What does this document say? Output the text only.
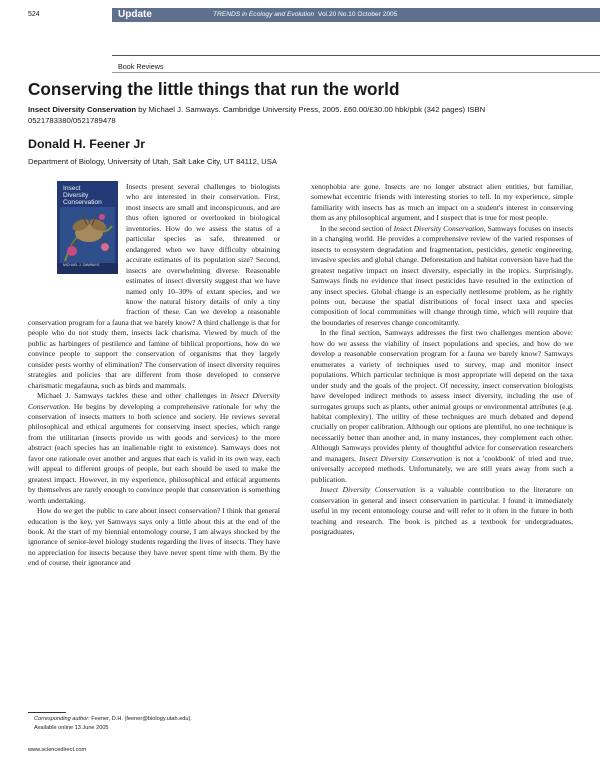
524	Update	TRENDS in Ecology and Evolution Vol.20 No.10 October 2005
Book Reviews
Conserving the little things that run the world
Insect Diversity Conservation by Michael J. Samways. Cambridge University Press, 2005. £60.00/£30.00 hbk/pbk (342 pages) ISBN 0521783380/0521789478
Donald H. Feener Jr
Department of Biology, University of Utah, Salt Lake City, UT 84112, USA
Insect
Diversity
Conservation
MICHAEL J. SAMWAYS

Insects present several challenges to biologists who are interested in their conservation. First, most insects are small and inconspicuous, and are thus often ignored or overlooked in biological inventories. How do we assess the status of a particular species as safe, threatened or endangered when we have difficulty obtaining accurate estimates of its population size? Second, insects are overwhelming diverse. Reasonable estimates of insect diversity suggest that we have named only 10–30% of extant species, and we know the natural history details of only a tiny fraction of these. Can we develop a reasonable conservation program for a fauna that we barely know? A third challenge is that for people who do not study them, insects lack charisma. Viewed by much of the public as harbingers of pestilence and famine of biblical proportions, how do we convince people to support the conservation of organisms that they largely consider pests worthy of elimination? The conservation of insect diversity requires strategies and policies that are different from those developed to conserve charismatic megafauna, such as birds and mammals.

Michael J. Samways tackles these and other challenges in Insect Diversity Conservation. He begins by developing a comprehensive rationale for why the conservation of insects matters to both science and society. He reviews several philosophical and ethical arguments for conserving insect species, which range from the utilitarian (insects provide us with goods and services) to the more abstract (each species has an inalienable right to existence). Samways does not favor one rationale over another and argues that each is valid in its own way, each will appeal to different groups of people, but each should be used to make the greatest impact. However, in my experience, philosophical and ethical arguments by themselves are rarely enough to convince people that conservation is something worth undertaking.

How do we get the public to care about insect conservation? I think that general education is the key, yet Samways says only a little about this at the end of the book. At the start of my biennial entomology course, I am always shocked by the ignorance of senior-level biology students regarding the lives of insects. They have no appreciation for insects because they have never spent time with them. By the end of course, their ignorance and

xenophobia are gone. Insects are no longer abstract alien entities, but familiar, somewhat eccentric friends with interesting stories to tell. In my experience, simple familiarity with insects has as much an impact on a student's interest in conserving them as any philosophical argument, and I suspect that is true for most people.

In the second section of Insect Diversity Conservation, Samways focuses on insects in a changing world. He provides a comprehensive review of the varied responses of insects to ecosystem degradation and fragmentation, pesticides, genetic engineering, invasive species and global change. Deforestation and habitat conversion have had the greatest negative impact on insect diversity, especially in the tropics. Surprisingly, Samways finds no evidence that insect pesticides have resulted in the extinction of any insect species. Global change is an especially nettlesome problem, as he rightly points out, because the spatial distributions of focal insect taxa and species composition of local communities will change through time, which will require that the boundaries of reserves change concomitantly.

In the final section, Samways addresses the first two challenges mention above: how do we assess the viability of insect populations and species, and how do we develop a reasonable conservation program for a fauna we barely know? Samways enumerates a variety of techniques used to survey, map and monitor insect populations. Which particular technique is most appropriate will depend on the taxa under study and the goals of the project. Of necessity, insect conservation biologists have developed indirect methods to assess insect diversity, including the use of surrogates groups such as plants, other animal groups or environmental attributes (e.g. habitat complexity). The utility of these techniques are much debated and depend crucially on proper calibration. Although our options are plentiful, no one technique is necessarily better than another and, in many instances, they complement each other. Although Samways provides plenty of thoughtful advice for conservation researchers and managers, Insect Diversity Conservation is not a 'cookbook' of tried and true, universally accepted methods. Unfortunately, we are still years away from such a publication.

Insect Diversity Conservation is a valuable contribution to the literature on conservation in general and insect conservation in particular. I found it immediately useful in my recent entomology course and will refer to it often in the future in both teaching and research. The book is pitched as a textbook for undergraduates, postgraduates,

Corresponding author: Feener, D.H. (feener@biology.utah.edu).
Available online 13 June 2005
www.sciencedirect.com
